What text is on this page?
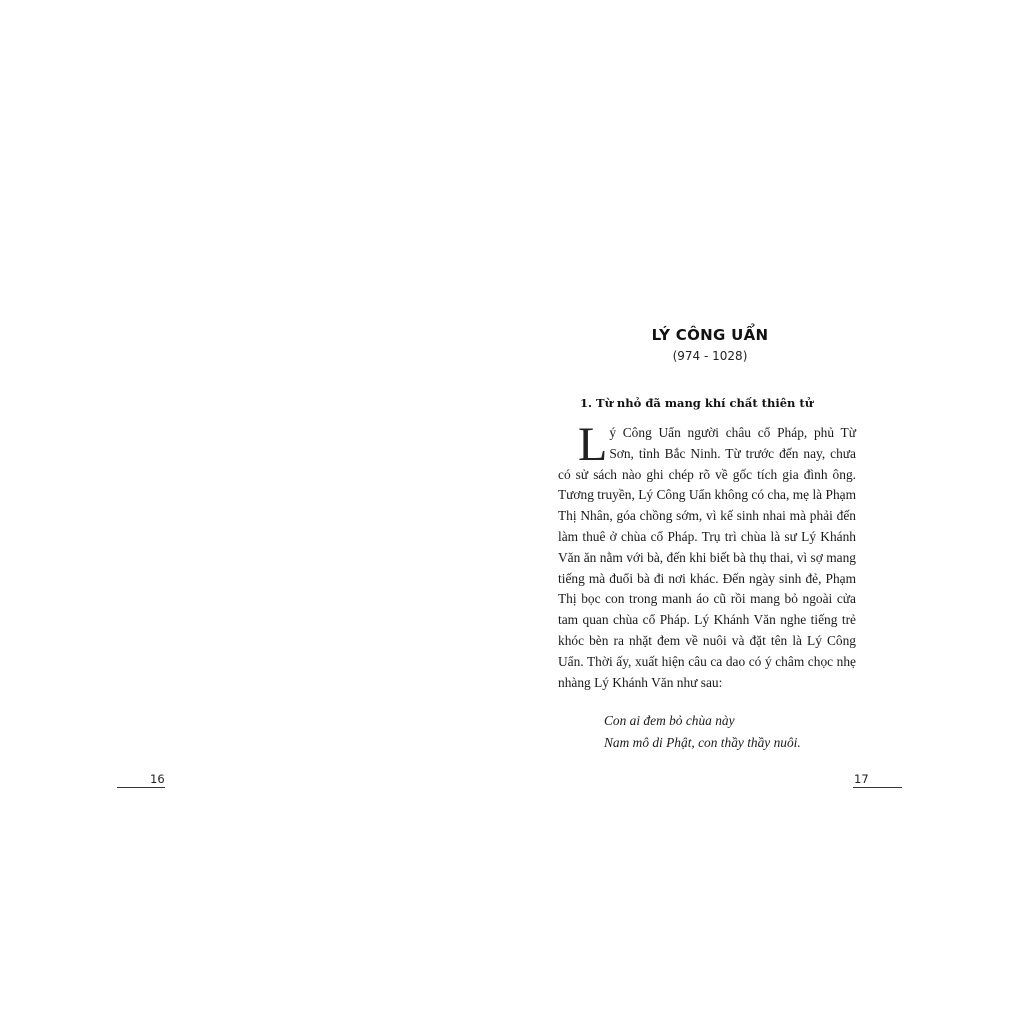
16
LÝ CÔNG UẨN
(974 - 1028)
1. Từ nhỏ đã mang khí chất thiên tử
L ý Công Uẩn người châu cổ Pháp, phủ Từ Sơn, tỉnh Bắc Ninh. Từ trước đến nay, chưa có sử sách nào ghi chép rõ về gốc tích gia đình ông. Tương truyền, Lý Công Uẩn không có cha, mẹ là Phạm Thị Nhân, góa chồng sớm, vì kế sinh nhai mà phải đến làm thuê ở chùa cổ Pháp. Trụ trì chùa là sư Lý Khánh Văn ăn nằm với bà, đến khi biết bà thụ thai, vì sợ mang tiếng mà đuổi bà đi nơi khác. Đến ngày sinh đẻ, Phạm Thị bọc con trong manh áo cũ rồi mang bỏ ngoài cửa tam quan chùa cổ Pháp. Lý Khánh Văn nghe tiếng trẻ khóc bèn ra nhặt đem về nuôi và đặt tên là Lý Công Uẩn. Thời ấy, xuất hiện câu ca dao có ý châm chọc nhẹ nhàng Lý Khánh Văn như sau:
Con ai đem bỏ chùa này
Nam mô di Phật, con thầy thầy nuôi.
17
